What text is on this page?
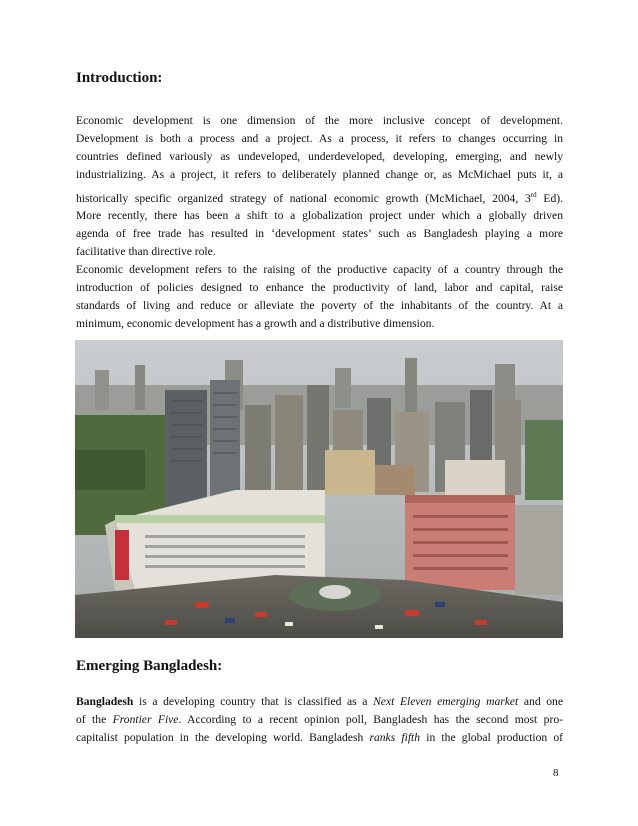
Introduction:
Economic development is one dimension of the more inclusive concept of development.
Development is both a process and a project. As a process, it refers to changes occurring in
countries defined variously as undeveloped, underdeveloped, developing, emerging, and newly
industrializing. As a project, it refers to deliberately planned change or, as McMichael puts it, a
historically specific organized strategy of national economic growth (McMichael, 2004, 3rd Ed).
More recently, there has been a shift to a globalization project under which a globally driven
agenda of free trade has resulted in ‘development states’ such as Bangladesh playing a more
facilitative than directive role.
Economic development refers to the raising of the productive capacity of a country through the
introduction of policies designed to enhance the productivity of land, labor and capital, raise
standards of living and reduce or alleviate the poverty of the inhabitants of the country. At a
minimum, economic development has a growth and a distributive dimension.
Emerging Bangladesh:
Bangladesh is a developing country that is classified as a Next Eleven emerging market and one
of the Frontier Five. According to a recent opinion poll, Bangladesh has the second most pro-
capitalist population in the developing world. Bangladesh ranks fifth in the global production of
8
